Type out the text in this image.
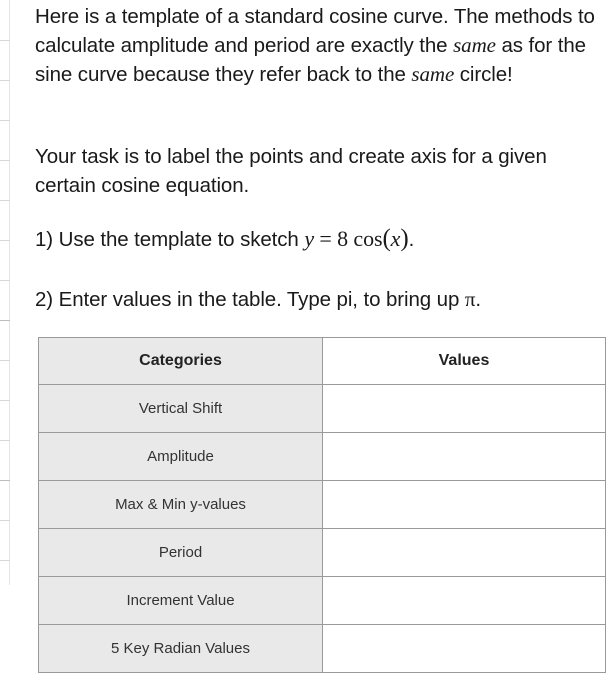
Here is a template of a standard cosine curve. The methods to calculate amplitude and period are exactly the same as for the sine curve because they refer back to the same circle!

Your task is to label the points and create axis for a given certain cosine equation.

1) Use the template to sketch y = 8 cos(x).

2) Enter values in the table. Type pi, to bring up π.

Categories	Values
Vertical Shift	

Amplitude	

Max & Min y-values	

Period	

Increment Value	

5 Key Radian Values	
